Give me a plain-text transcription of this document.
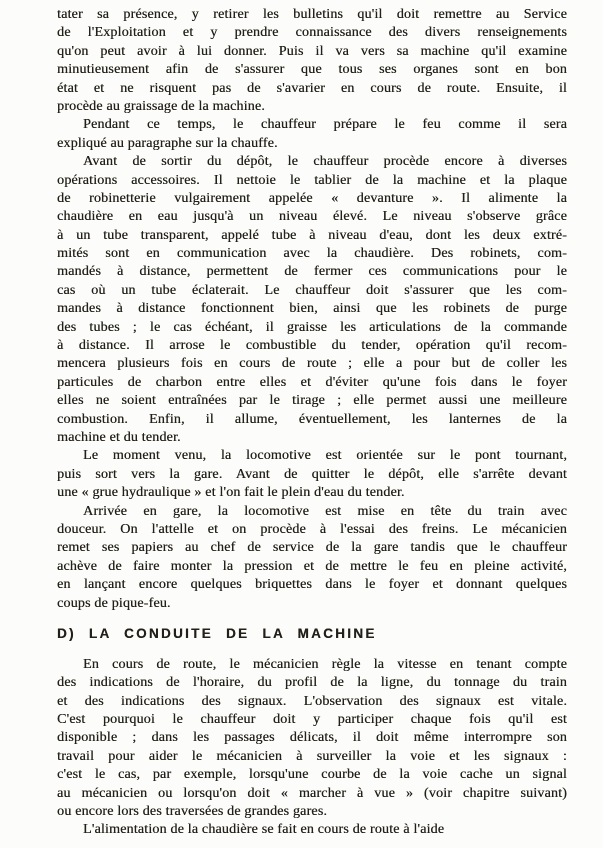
tater sa présence, y retirer les bulletins qu'il doit remettre au Service
de l'Exploitation et y prendre connaissance des divers renseignements
qu'on peut avoir à lui donner. Puis il va vers sa machine qu'il examine
minutieusement afin de s'assurer que tous ses organes sont en bon
état et ne risquent pas de s'avarier en cours de route. Ensuite, il
procède au graissage de la machine.
Pendant ce temps, le chauffeur prépare le feu comme il sera
expliqué au paragraphe sur la chauffe.
Avant de sortir du dépôt, le chauffeur procède encore à diverses
opérations accessoires. Il nettoie le tablier de la machine et la plaque
de robinetterie vulgairement appelée « devanture ». Il alimente la
chaudière en eau jusqu'à un niveau élevé. Le niveau s'observe grâce
à un tube transparent, appelé tube à niveau d'eau, dont les deux extré-
mités sont en communication avec la chaudière. Des robinets, com-
mandés à distance, permettent de fermer ces communications pour le
cas où un tube éclaterait. Le chauffeur doit s'assurer que les com-
mandes à distance fonctionnent bien, ainsi que les robinets de purge
des tubes ; le cas échéant, il graisse les articulations de la commande
à distance. Il arrose le combustible du tender, opération qu'il recom-
mencera plusieurs fois en cours de route ; elle a pour but de coller les
particules de charbon entre elles et d'éviter qu'une fois dans le foyer
elles ne soient entraînées par le tirage ; elle permet aussi une meilleure
combustion. Enfin, il allume, éventuellement, les lanternes de la
machine et du tender.
Le moment venu, la locomotive est orientée sur le pont tournant,
puis sort vers la gare. Avant de quitter le dépôt, elle s'arrête devant
une « grue hydraulique » et l'on fait le plein d'eau du tender.
Arrivée en gare, la locomotive est mise en tête du train avec
douceur. On l'attelle et on procède à l'essai des freins. Le mécanicien
remet ses papiers au chef de service de la gare tandis que le chauffeur
achève de faire monter la pression et de mettre le feu en pleine activité,
en lançant encore quelques briquettes dans le foyer et donnant quelques
coups de pique-feu.
D) LA CONDUITE DE LA MACHINE
En cours de route, le mécanicien règle la vitesse en tenant compte
des indications de l'horaire, du profil de la ligne, du tonnage du train
et des indications des signaux. L'observation des signaux est vitale.
C'est pourquoi le chauffeur doit y participer chaque fois qu'il est
disponible ; dans les passages délicats, il doit même interrompre son
travail pour aider le mécanicien à surveiller la voie et les signaux :
c'est le cas, par exemple, lorsqu'une courbe de la voie cache un signal
au mécanicien ou lorsqu'on doit « marcher à vue » (voir chapitre suivant)
ou encore lors des traversées de grandes gares.
L'alimentation de la chaudière se fait en cours de route à l'aide
